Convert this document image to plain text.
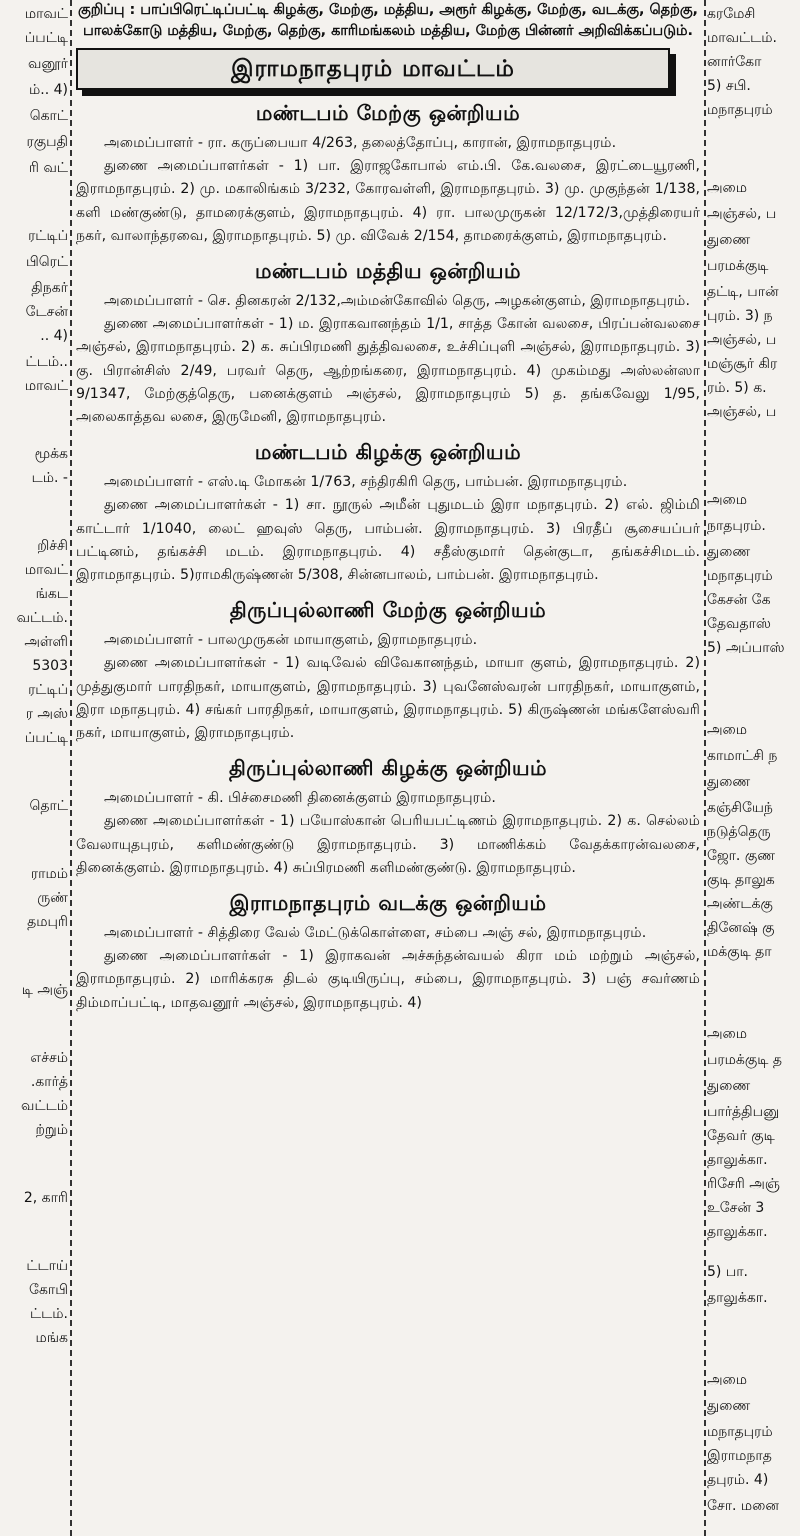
மாவட்
ப்பட்டி
வனூர்
ம்.. 4)
கொட்
ரகுபதி
ரி வட்
ரட்டிப்
பிரெட்
திநகர்
டேசன்
.. 4)
ட்டம்..
மாவட்
மூக்க
டம். -
றிச்சி
மாவட்
ங்கட
வட்டம்.
அள்ளி
5303
ரட்டிப்
ர அஸ்
ப்பட்டி
தொட்
ராமம்
ருண்
தமபுரி
டி அஞ்
எச்சம்
.கார்த்
வட்டம்
ற்றும்
2, காரி
ட்டாய்
கோபி
ட்டம்.
மங்க

குறிப்பு : பாப்பிரெட்டிப்பட்டி கிழக்கு, மேற்கு, மத்திய, அரூர் கிழக்கு, மேற்கு, வடக்கு, தெற்கு, பாலக்கோடு மத்திய, மேற்கு, தெற்கு, காரிமங்கலம் மத்திய, மேற்கு பின்னர் அறிவிக்கப்படும்.

இராமநாதபுரம் மாவட்டம்
மண்டபம் மேற்கு ஒன்றியம்

அமைப்பாளர் - ரா. கருப்பையா 4/263, தலைத்தோப்பு, காரான், இராமநாதபுரம்.

துணை அமைப்பாளர்கள் - 1) பா. இராஜகோபால் எம்.பி. கே.வலசை, இரட்டையூரணி, இராமநாதபுரம். 2) மு. மகாலிங்கம் 3/232, கோரவள்ளி, இராமநாதபுரம். 3) மு. முகுந்தன் 1/138, களி மண்குண்டு, தாமரைக்குளம், இராமநாதபுரம். 4) ரா. பாலமுருகன் 12/172/3,முத்திரையர் நகர், வாலாந்தரவை, இராமநாதபுரம். 5) மு. விவேக் 2/154, தாமரைக்குளம், இராமநாதபுரம்.

மண்டபம் மத்திய ஒன்றியம்

அமைப்பாளர் - செ. தினகரன் 2/132,அம்மன்கோவில் தெரு, அழகன்குளம், இராமநாதபுரம்.

துணை அமைப்பாளர்கள் - 1) ம. இராகவானந்தம் 1/1, சாத்த கோன் வலசை, பிரப்பன்வலசை அஞ்சல், இராமநாதபுரம். 2) க. சுப்பிரமணி துத்திவலசை, உச்சிப்புளி அஞ்சல், இராமநாதபுரம். 3) கு. பிரான்சிஸ் 2/49, பரவர் தெரு, ஆற்றங்கரை, இராமநாதபுரம். 4) முகம்மது அஸ்லன்ஸா 9/1347, மேற்குத்தெரு, பனைக்குளம் அஞ்சல், இராமநாதபுரம் 5) த. தங்கவேலு 1/95, அலைகாத்தவ லசை, இருமேனி, இராமநாதபுரம்.

மண்டபம் கிழக்கு ஒன்றியம்

அமைப்பாளர் - எஸ்.டி மோகன் 1/763, சந்திரகிரி தெரு, பாம்பன். இராமநாதபுரம்.

துணை அமைப்பாளர்கள் - 1) சா. நூருல் அமீன் புதுமடம் இரா மநாதபுரம். 2) எல். ஜிம்மி காட்டார் 1/1040, லைட் ஹவுஸ் தெரு, பாம்பன். இராமநாதபுரம். 3) பிரதீப் சூசையப்பர் பட்டினம், தங்கச்சி மடம். இராமநாதபுரம். 4) சதீஸ்குமார் தென்குடா, தங்கச்சிமடம். இராமநாதபுரம். 5)ராமகிருஷ்ணன் 5/308, சின்னபாலம், பாம்பன். இராமநாதபுரம்.

திருப்புல்லாணி மேற்கு ஒன்றியம்

அமைப்பாளர் - பாலமுருகன் மாயாகுளம், இராமநாதபுரம்.

துணை அமைப்பாளர்கள் - 1) வடிவேல் விவேகானந்தம், மாயா குளம், இராமநாதபுரம். 2) முத்துகுமார் பாரதிநகர், மாயாகுளம், இராமநாதபுரம். 3) புவனேஸ்வரன் பாரதிநகர், மாயாகுளம், இரா மநாதபுரம். 4) சங்கர் பாரதிநகர், மாயாகுளம், இராமநாதபுரம். 5) கிருஷ்ணன் மங்களேஸ்வரி நகர், மாயாகுளம், இராமநாதபுரம்.

திருப்புல்லாணி கிழக்கு ஒன்றியம்

அமைப்பாளர் - கி. பிச்சைமணி தினைக்குளம் இராமநாதபுரம்.

துணை அமைப்பாளர்கள் - 1) பயோஸ்கான் பெரியபட்டிணம் இராமநாதபுரம். 2) க. செல்லம் வேலாயுதபுரம், களிமண்குண்டு இராமநாதபுரம். 3) மாணிக்கம் வேதக்காரன்வலசை, தினைக்குளம். இராமநாதபுரம். 4) சுப்பிரமணி களிமண்குண்டு. இராமநாதபுரம்.

இராமநாதபுரம் வடக்கு ஒன்றியம்

அமைப்பாளர் - சித்திரை வேல் மேட்டுக்கொள்ளை, சம்பை அஞ் சல், இராமநாதபுரம்.

துணை அமைப்பாளர்கள் - 1) இராகவன் அச்சுந்தன்வயல் கிரா மம் மற்றும் அஞ்சல், இராமநாதபுரம். 2) மாரிக்கரசு திடல் குடியிருப்பு, சம்பை, இராமநாதபுரம். 3) பஞ் சவர்ணம் திம்மாப்பட்டி, மாதவனூர் அஞ்சல், இராமநாதபுரம். 4)

கரமேசி
மாவட்டம்.
னார்கோ
5) சபி.
மநாதபுரம்
அமை
அஞ்சல், ப
துணை
பரமக்குடி
தட்டி, பான்
புரம். 3) ந
அஞ்சல், ப
மஞ்சூர் கிர
ரம். 5) க.
அஞ்சல், ப
அமை
நாதபுரம்.
துணை
மநாதபுரம்
கேசன் கே
தேவதாஸ்
5) அப்பாஸ்
அமை
காமாட்சி ந
துணை
கஞ்சியேந்
நடுத்தெரு
ஜோ. குண
குடி தாலுக
அண்டக்கு
தினேஷ் கு
மக்குடி தா
அமை
பரமக்குடி த
துணை
பார்த்திபனு
தேவர் குடி
தாலுக்கா.
ரிசேரி அஞ்
உசேன் 3
தாலுக்கா.
5) பா.
தாலுக்கா.
அமை
துணை
மநாதபுரம்
இராமநாத
தபுரம். 4)
சோ. மனை
